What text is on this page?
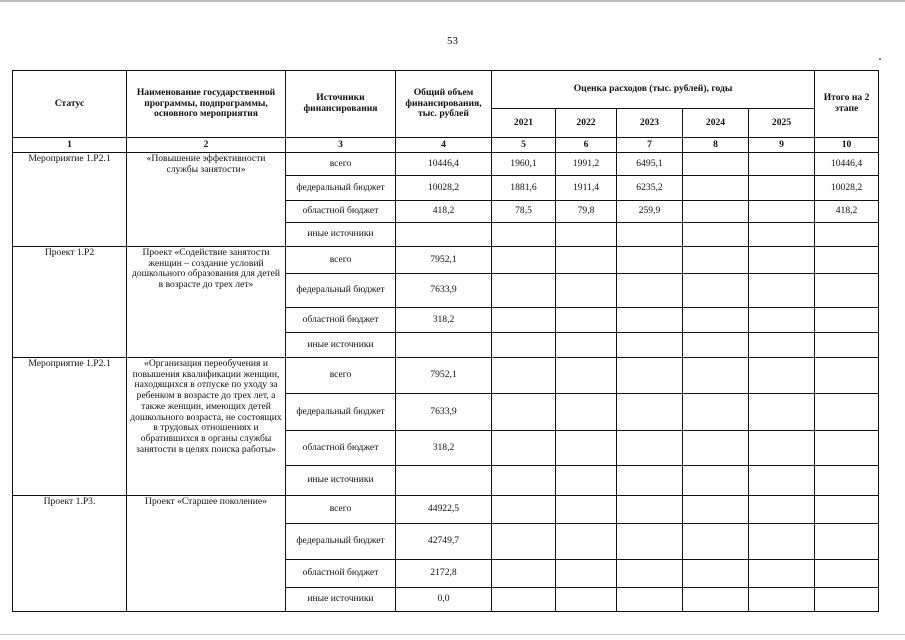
53
Статус	Наименование государственной программы, подпрограммы, основного мероприятия	Источники финансирования	Общий объем финансирования, тыс. рублей	Оценка расходов (тыс. рублей), годы					Итого на 2 этапе
				2021	2022	2023	2024	2025	
1	2	3	4	5	6	7	8	9	10
Мероприятие 1.Р2.1	«Повышение эффективности службы занятости»	всего	10446,4	1960,1	1991,2	6495,1			10446,4
		федеральный бюджет	10028,2	1881,6	1911,4	6235,2			10028,2
		областной бюджет	418,2	78,5	79,8	259,9			418,2
		иные источники							
Проект 1.Р2	Проект «Содействие занятости женщин – создание условий дошкольного образования для детей в возрасте до трех лет»	всего	7952,1						
		федеральный бюджет	7633,9						
		областной бюджет	318,2						
		иные источники							
Мероприятие 1.Р2.1	«Организация переобучения и повышения квалификации женщин, находящихся в отпуске по уходу за ребенком в возрасте до трех лет, а также женщин, имеющих детей дошкольного возраста, не состоящих в трудовых отношениях и обратившихся в органы службы занятости в целях поиска работы»	всего	7952,1						
		федеральный бюджет	7633,9						
		областной бюджет	318,2						
		иные источники							
Проект 1.Р3.	Проект «Старшее поколение»	всего	44922,5						
		федеральный бюджет	42749,7						
		областной бюджет	2172,8						
		иные источники	0,0						
